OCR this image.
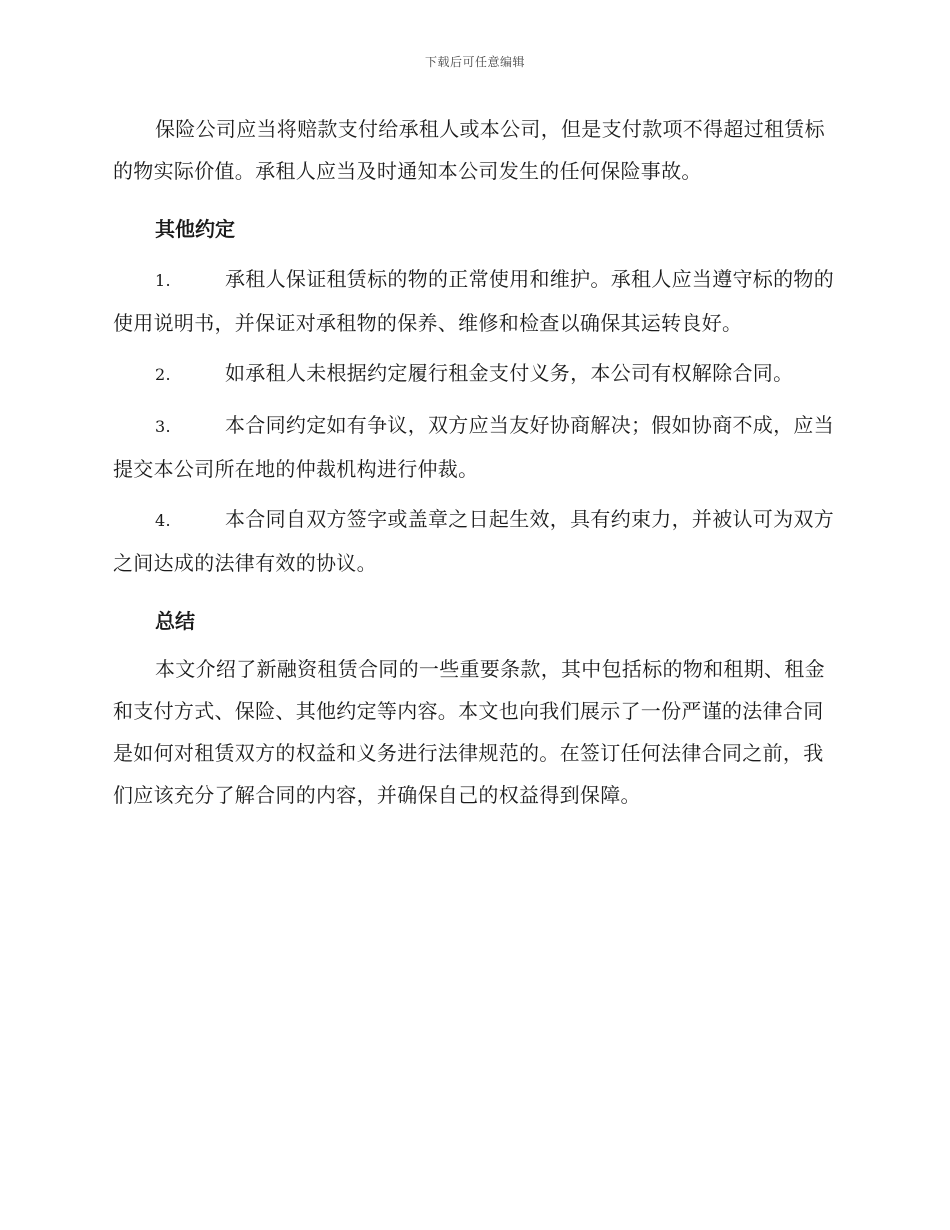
下载后可任意编辑

保险公司应当将赔款支付给承租人或本公司，但是支付款项不得超过租赁标的物实际价值。承租人应当及时通知本公司发生的任何保险事故。

其他约定

1.	承租人保证租赁标的物的正常使用和维护。承租人应当遵守标的物的使用说明书，并保证对承租物的保养、维修和检查以确保其运转良好。

2.	如承租人未根据约定履行租金支付义务，本公司有权解除合同。

3.	本合同约定如有争议，双方应当友好协商解决；假如协商不成，应当提交本公司所在地的仲裁机构进行仲裁。

4.	本合同自双方签字或盖章之日起生效，具有约束力，并被认可为双方之间达成的法律有效的协议。

总结

本文介绍了新融资租赁合同的一些重要条款，其中包括标的物和租期、租金和支付方式、保险、其他约定等内容。本文也向我们展示了一份严谨的法律合同是如何对租赁双方的权益和义务进行法律规范的。在签订任何法律合同之前，我们应该充分了解合同的内容，并确保自己的权益得到保障。
